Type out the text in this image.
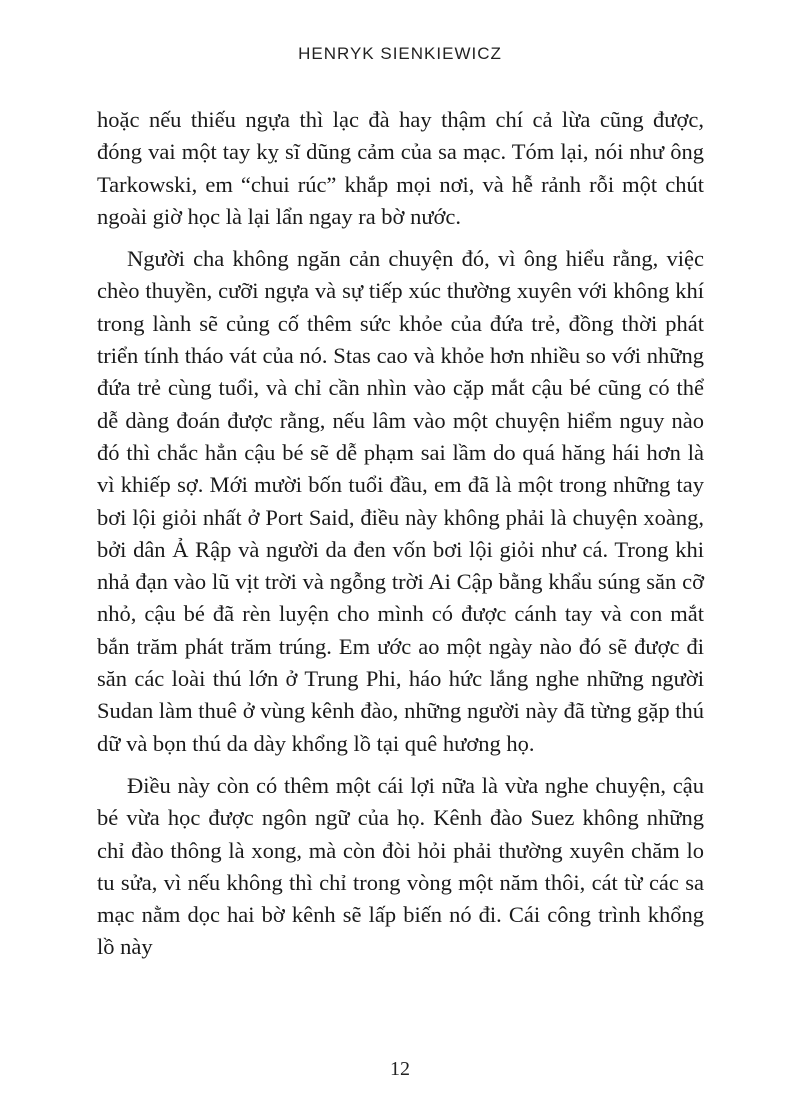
HENRYK SIENKIEWICZ

hoặc nếu thiếu ngựa thì lạc đà hay thậm chí cả lừa cũng được, đóng vai một tay kỵ sĩ dũng cảm của sa mạc. Tóm lại, nói như ông Tarkowski, em “chui rúc” khắp mọi nơi, và hễ rảnh rỗi một chút ngoài giờ học là lại lẩn ngay ra bờ nước.

Người cha không ngăn cản chuyện đó, vì ông hiểu rằng, việc chèo thuyền, cưỡi ngựa và sự tiếp xúc thường xuyên với không khí trong lành sẽ củng cố thêm sức khỏe của đứa trẻ, đồng thời phát triển tính tháo vát của nó. Stas cao và khỏe hơn nhiều so với những đứa trẻ cùng tuổi, và chỉ cần nhìn vào cặp mắt cậu bé cũng có thể dễ dàng đoán được rằng, nếu lâm vào một chuyện hiểm nguy nào đó thì chắc hẳn cậu bé sẽ dễ phạm sai lầm do quá hăng hái hơn là vì khiếp sợ. Mới mười bốn tuổi đầu, em đã là một trong những tay bơi lội giỏi nhất ở Port Said, điều này không phải là chuyện xoàng, bởi dân Ả Rập và người da đen vốn bơi lội giỏi như cá. Trong khi nhả đạn vào lũ vịt trời và ngỗng trời Ai Cập bằng khẩu súng săn cỡ nhỏ, cậu bé đã rèn luyện cho mình có được cánh tay và con mắt bắn trăm phát trăm trúng. Em ước ao một ngày nào đó sẽ được đi săn các loài thú lớn ở Trung Phi, háo hức lắng nghe những người Sudan làm thuê ở vùng kênh đào, những người này đã từng gặp thú dữ và bọn thú da dày khổng lồ tại quê hương họ.

Điều này còn có thêm một cái lợi nữa là vừa nghe chuyện, cậu bé vừa học được ngôn ngữ của họ. Kênh đào Suez không những chỉ đào thông là xong, mà còn đòi hỏi phải thường xuyên chăm lo tu sửa, vì nếu không thì chỉ trong vòng một năm thôi, cát từ các sa mạc nằm dọc hai bờ kênh sẽ lấp biến nó đi. Cái công trình khổng lồ này

12
